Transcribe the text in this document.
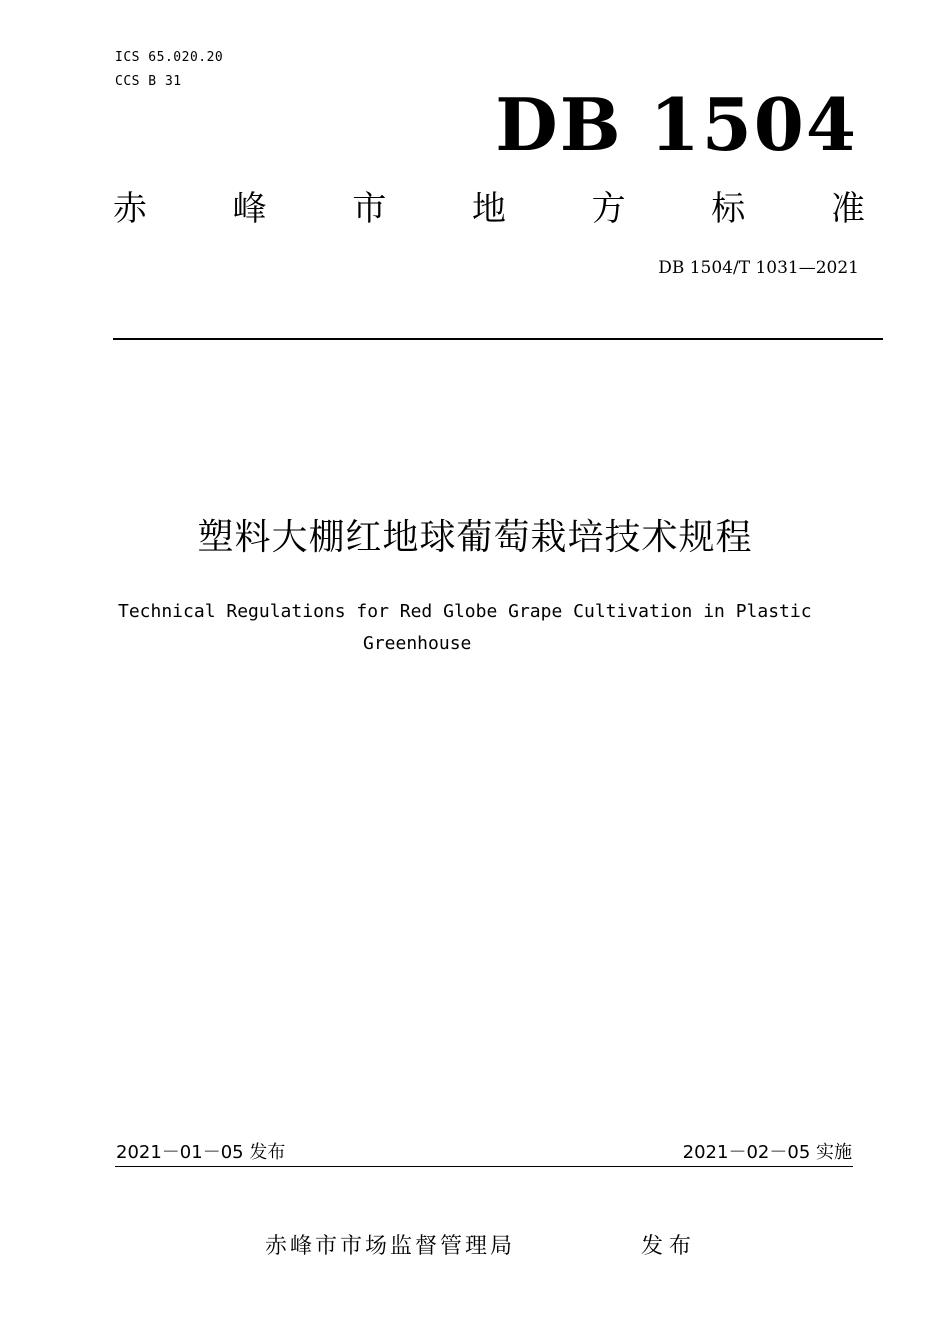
ICS 65.020.20
CCS B 31
DB 1504
赤	峰	市	地	方	标	准
DB 1504/T 1031—2021
塑料大棚红地球葡萄栽培技术规程
Technical Regulations for Red Globe Grape Cultivation in Plastic
Greenhouse
2021－01－05 发布	2021－02－05 实施
赤峰市市场监督管理局	发布
